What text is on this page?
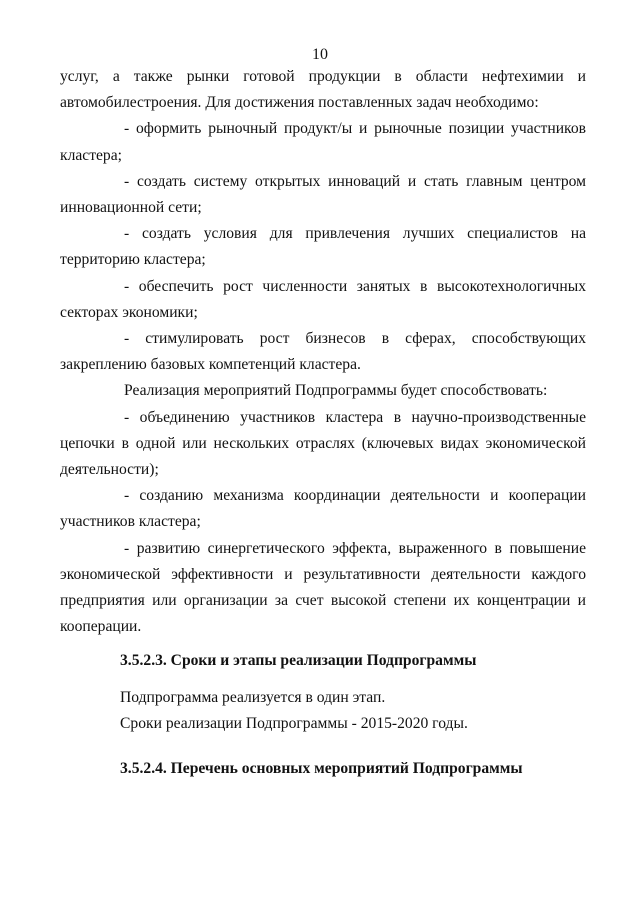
10

услуг, а также рынки готовой продукции в области нефтехимии и автомобилестроения. Для достижения поставленных задач необходимо:

- оформить рыночный продукт/ы и рыночные позиции участников кластера;

- создать систему открытых инноваций и стать главным центром инновационной сети;

- создать условия для привлечения лучших специалистов на территорию кластера;

- обеспечить рост численности занятых в высокотехнологичных секторах экономики;

- стимулировать рост бизнесов в сферах, способствующих закреплению базовых компетенций кластера.

Реализация мероприятий Подпрограммы будет способствовать:

- объединению участников кластера в научно-производственные цепочки в одной или нескольких отраслях (ключевых видах экономической деятельности);

- созданию механизма координации деятельности и кооперации участников кластера;

- развитию синергетического эффекта, выраженного в повышение экономической эффективности и результативности деятельности каждого предприятия или организации за счет высокой степени их концентрации и кооперации.

3.5.2.3. Сроки и этапы реализации Подпрограммы

Подпрограмма реализуется в один этап.

Сроки реализации Подпрограммы - 2015-2020 годы.

3.5.2.4. Перечень основных мероприятий Подпрограммы
